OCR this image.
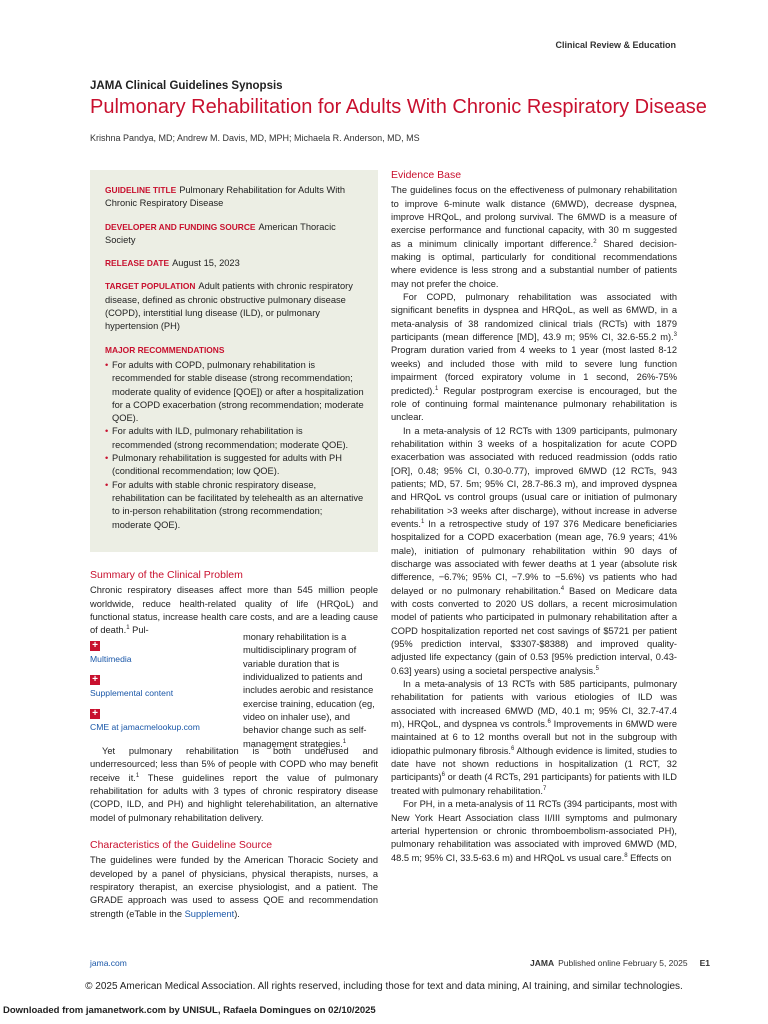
Clinical Review & Education
JAMA Clinical Guidelines Synopsis
Pulmonary Rehabilitation for Adults With Chronic Respiratory Disease
Krishna Pandya, MD; Andrew M. Davis, MD, MPH; Michaela R. Anderson, MD, MS
GUIDELINE TITLE Pulmonary Rehabilitation for Adults With Chronic Respiratory Disease
DEVELOPER AND FUNDING SOURCE American Thoracic Society
RELEASE DATE August 15, 2023
TARGET POPULATION Adult patients with chronic respiratory disease, defined as chronic obstructive pulmonary disease (COPD), interstitial lung disease (ILD), or pulmonary hypertension (PH)
MAJOR RECOMMENDATIONS
• For adults with COPD, pulmonary rehabilitation is recommended for stable disease (strong recommendation; moderate quality of evidence [QOE]) or after a hospitalization for a COPD exacerbation (strong recommendation; moderate QOE).
• For adults with ILD, pulmonary rehabilitation is recommended (strong recommendation; moderate QOE).
• Pulmonary rehabilitation is suggested for adults with PH (conditional recommendation; low QOE).
• For adults with stable chronic respiratory disease, rehabilitation can be facilitated by telehealth as an alternative to in-person rehabilitation (strong recommendation; moderate QOE).
Summary of the Clinical Problem

Chronic respiratory diseases affect more than 545 million people worldwide, reduce health-related quality of life (HRQoL) and functional status, increase health care costs, and are a leading cause of death.$^1$ Pul-

+
Multimedia
+
Supplemental content
+
CME at jamacmelookup.com
monary rehabilitation is a multidisciplinary program of variable duration that is individualized to patients and includes aerobic and resistance exercise training, education (eg, video on inhaler use), and behavior change such as self-management strategies.$^1$

Yet pulmonary rehabilitation is both underused and underresourced; less than 5% of people with COPD who may benefit receive it.$^1$ These guidelines report the value of pulmonary rehabilitation for adults with 3 types of chronic respiratory disease (COPD, ILD, and PH) and highlight telerehabilitation, an alternative model of pulmonary rehabilitation delivery.

Characteristics of the Guideline Source

The guidelines were funded by the American Thoracic Society and developed by a panel of physicians, physical therapists, nurses, a respiratory therapist, an exercise physiologist, and a patient. The GRADE approach was used to assess QOE and recommendation strength (eTable in the Supplement).

Evidence Base

The guidelines focus on the effectiveness of pulmonary rehabilitation to improve 6-minute walk distance (6MWD), decrease dyspnea, improve HRQoL, and prolong survival. The 6MWD is a measure of exercise performance and functional capacity, with 30 m suggested as a minimum clinically important difference.$^2$ Shared decision-making is optimal, particularly for conditional recommendations where evidence is less strong and a substantial number of patients may not prefer the choice.

For COPD, pulmonary rehabilitation was associated with significant benefits in dyspnea and HRQoL, as well as 6MWD, in a meta-analysis of 38 randomized clinical trials (RCTs) with 1879 participants (mean difference [MD], 43.9 m; 95% CI, 32.6-55.2 m).$^3$ Program duration varied from 4 weeks to 1 year (most lasted 8-12 weeks) and included those with mild to severe lung function impairment (forced expiratory volume in 1 second, 26%-75% predicted).$^1$ Regular postprogram exercise is encouraged, but the role of continuing formal maintenance pulmonary rehabilitation is unclear.

In a meta-analysis of 12 RCTs with 1309 participants, pulmonary rehabilitation within 3 weeks of a hospitalization for acute COPD exacerbation was associated with reduced readmission (odds ratio [OR], 0.48; 95% CI, 0.30-0.77), improved 6MWD (12 RCTs, 943 patients; MD, 57. 5m; 95% CI, 28.7-86.3 m), and improved dyspnea and HRQoL vs control groups (usual care or initiation of pulmonary rehabilitation >3 weeks after discharge), without increase in adverse events.$^1$ In a retrospective study of 197 376 Medicare beneficiaries hospitalized for a COPD exacerbation (mean age, 76.9 years; 41% male), initiation of pulmonary rehabilitation within 90 days of discharge was associated with fewer deaths at 1 year (absolute risk difference, −6.7%; 95% CI, −7.9% to −5.6%) vs patients who had delayed or no pulmonary rehabilitation.$^4$ Based on Medicare data with costs converted to 2020 US dollars, a recent microsimulation model of patients who participated in pulmonary rehabilitation after a COPD hospitalization reported net cost savings of $5721 per patient (95% prediction interval, $3307-$8388) and improved quality-adjusted life expectancy (gain of 0.53 [95% prediction interval, 0.43-0.63] years) using a societal perspective analysis.$^5$

In a meta-analysis of 13 RCTs with 585 participants, pulmonary rehabilitation for patients with various etiologies of ILD was associated with increased 6MWD (MD, 40.1 m; 95% CI, 32.7-47.4 m), HRQoL, and dyspnea vs controls.$^6$ Improvements in 6MWD were maintained at 6 to 12 months overall but not in the subgroup with idiopathic pulmonary fibrosis.$^6$ Although evidence is limited, studies to date have not shown reductions in hospitalization (1 RCT, 32 participants)$^6$ or death (4 RCTs, 291 participants) for patients with ILD treated with pulmonary rehabilitation.$^7$

For PH, in a meta-analysis of 11 RCTs (394 participants, most with New York Heart Association class II/III symptoms and pulmonary arterial hypertension or chronic thromboembolism-associated PH), pulmonary rehabilitation was associated with improved 6MWD (MD, 48.5 m; 95% CI, 33.5-63.6 m) and HRQoL vs usual care.$^8$ Effects on

jama.com	JAMA Published online February 5, 2025 E1
© 2025 American Medical Association. All rights reserved, including those for text and data mining, AI training, and similar technologies.
Downloaded from jamanetwork.com by UNISUL, Rafaela Domingues on 02/10/2025
